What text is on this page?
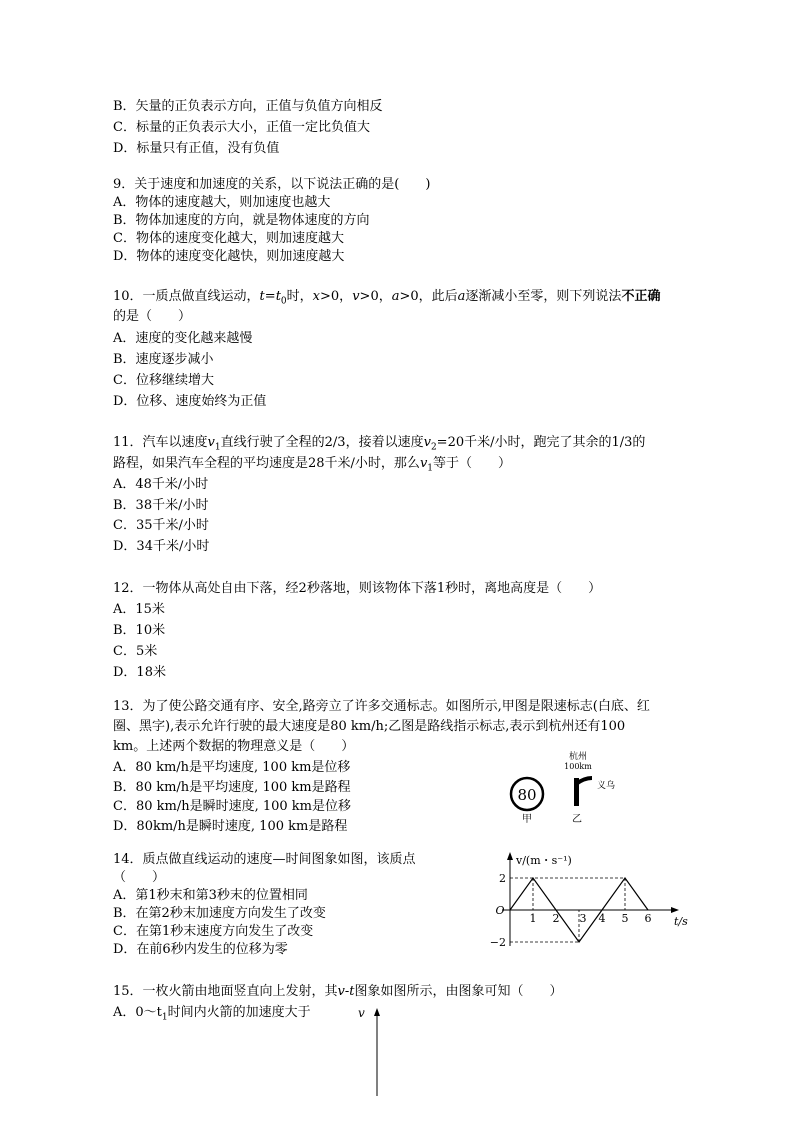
B．矢量的正负表示方向，正值与负值方向相反
C．标量的正负表示大小，正值一定比负值大
D．标量只有正值，没有负值
9．关于速度和加速度的关系，以下说法正确的是(　　)
A．物体的速度越大，则加速度也越大
B．物体加速度的方向，就是物体速度的方向
C．物体的速度变化越大，则加速度越大
D．物体的速度变化越快，则加速度越大
10．一质点做直线运动，$t=t_0$时，x>0，v>0，a>0，此后a逐渐减小至零，则下列说法不正确
的是（　　）
A．速度的变化越来越慢
B．速度逐步减小
C．位移继续增大
D．位移、速度始终为正值
11．汽车以速度$v_1$直线行驶了全程的2/3，接着以速度$v_2=20$千米/小时，跑完了其余的1/3的
路程，如果汽车全程的平均速度是28千米/小时，那么$v_1$等于（　　）
A．48千米/小时
B．38千米/小时
C．35千米/小时
D．34千米/小时
12．一物体从高处自由下落，经2秒落地，则该物体下落1秒时，离地高度是（　　）
A．15米
B．10米
C．5米
D．18米
13．为了使公路交通有序、安全,路旁立了许多交通标志。如图所示,甲图是限速标志(白底、红
圈、黑字),表示允许行驶的最大速度是80 km/h;乙图是路线指示标志,表示到杭州还有100
km。上述两个数据的物理意义是（　　）
A．80 km/h是平均速度, 100 km是位移
B．80 km/h是平均速度, 100 km是路程
C．80 km/h是瞬时速度, 100 km是位移
D．80km/h是瞬时速度, 100 km是路程
80
甲
杭州
100km
义乌
乙
14．质点做直线运动的速度—时间图象如图，该质点
（　　）
A．第1秒末和第3秒末的位置相同
B．在第2秒末加速度方向发生了改变
C．在第1秒末速度方向发生了改变
D．在前6秒内发生的位移为零
v/(m・s⁻¹)
t/s
O
2
−2
1 2 3 4 5 6
15．一枚火箭由地面竖直向上发射，其v-t图象如图所示，由图象可知（　　）
A．$0\sim t_1$时间内火箭的加速度大于	v
